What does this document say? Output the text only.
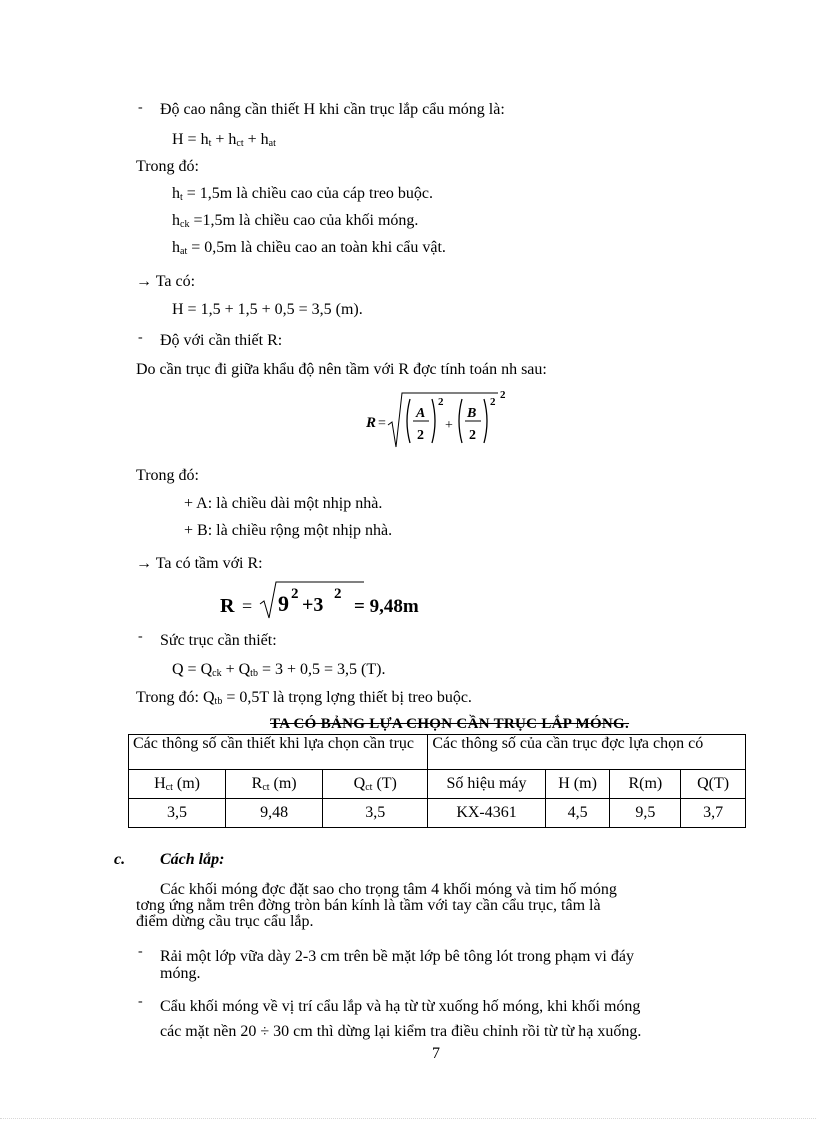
-
-
-
-
-
Độ cao nâng cần thiết H khi cần trục lắp cẩu móng là:
$H = h_t + h_{ct} + h_{at}$
Trong đó:
$h_t = 1,5m$ là chiều cao của cáp treo buộc.
$h_{ck} =1,5m$ là chiều cao của khối móng.
$h_{at} = 0,5m$ là chiều cao an toàn khi cẩu vật.
→ Ta có:
H = 1,5 + 1,5 + 0,5 = 3,5 (m).
Độ với cần thiết R:
Do cần trục đi giữa khẩu độ nên tầm với R đợc tính toán nh sau:
R =
A
2
2
+
B
2
2
2
Trong đó:
+ A: là chiều dài một nhịp nhà.
+ B: là chiều rộng một nhịp nhà.
→ Ta có tầm với R:
R = 9 2 +3 2
= 9,48m
Sức trục cần thiết:
$Q = Q_{ck} + Q_{tb} = 3 + 0,5 = 3,5$ (T).
Trong đó: $Q_{tb} = 0,5T$ là trọng lợng thiết bị treo buộc.
TA CÓ BẢNG LỰA CHỌN CẦN TRỤC LẮP MÓNG.
Các thông số cần thiết khi lựa chọn cần trục			Các thông số của cần trục đợc lựa chọn có			
$H_{ct}$ (m)	$R_{ct}$ (m)	$Q_{ct}$ (T)	Số hiệu máy	H (m)	R(m)	Q(T)
3,5	9,48	3,5	KX-4361	4,5	9,5	3,7
c. Cách lắp:
Các khối móng đợc đặt sao cho trọng tâm 4 khối móng và tim hố móng
tơng ứng nằm trên đờng tròn bán kính là tầm với tay cần cẩu trục, tâm là
điểm dừng cầu trục cẩu lắp.
Rải một lớp vữa dày 2-3 cm trên bề mặt lớp bê tông lót trong phạm vi đáy
móng.
Cẩu khối móng về vị trí cẩu lắp và hạ từ từ xuống hố móng, khi khối móng
các mặt nền 20 ÷ 30 cm thì dừng lại kiểm tra điều chỉnh rồi từ từ hạ xuống.
7
